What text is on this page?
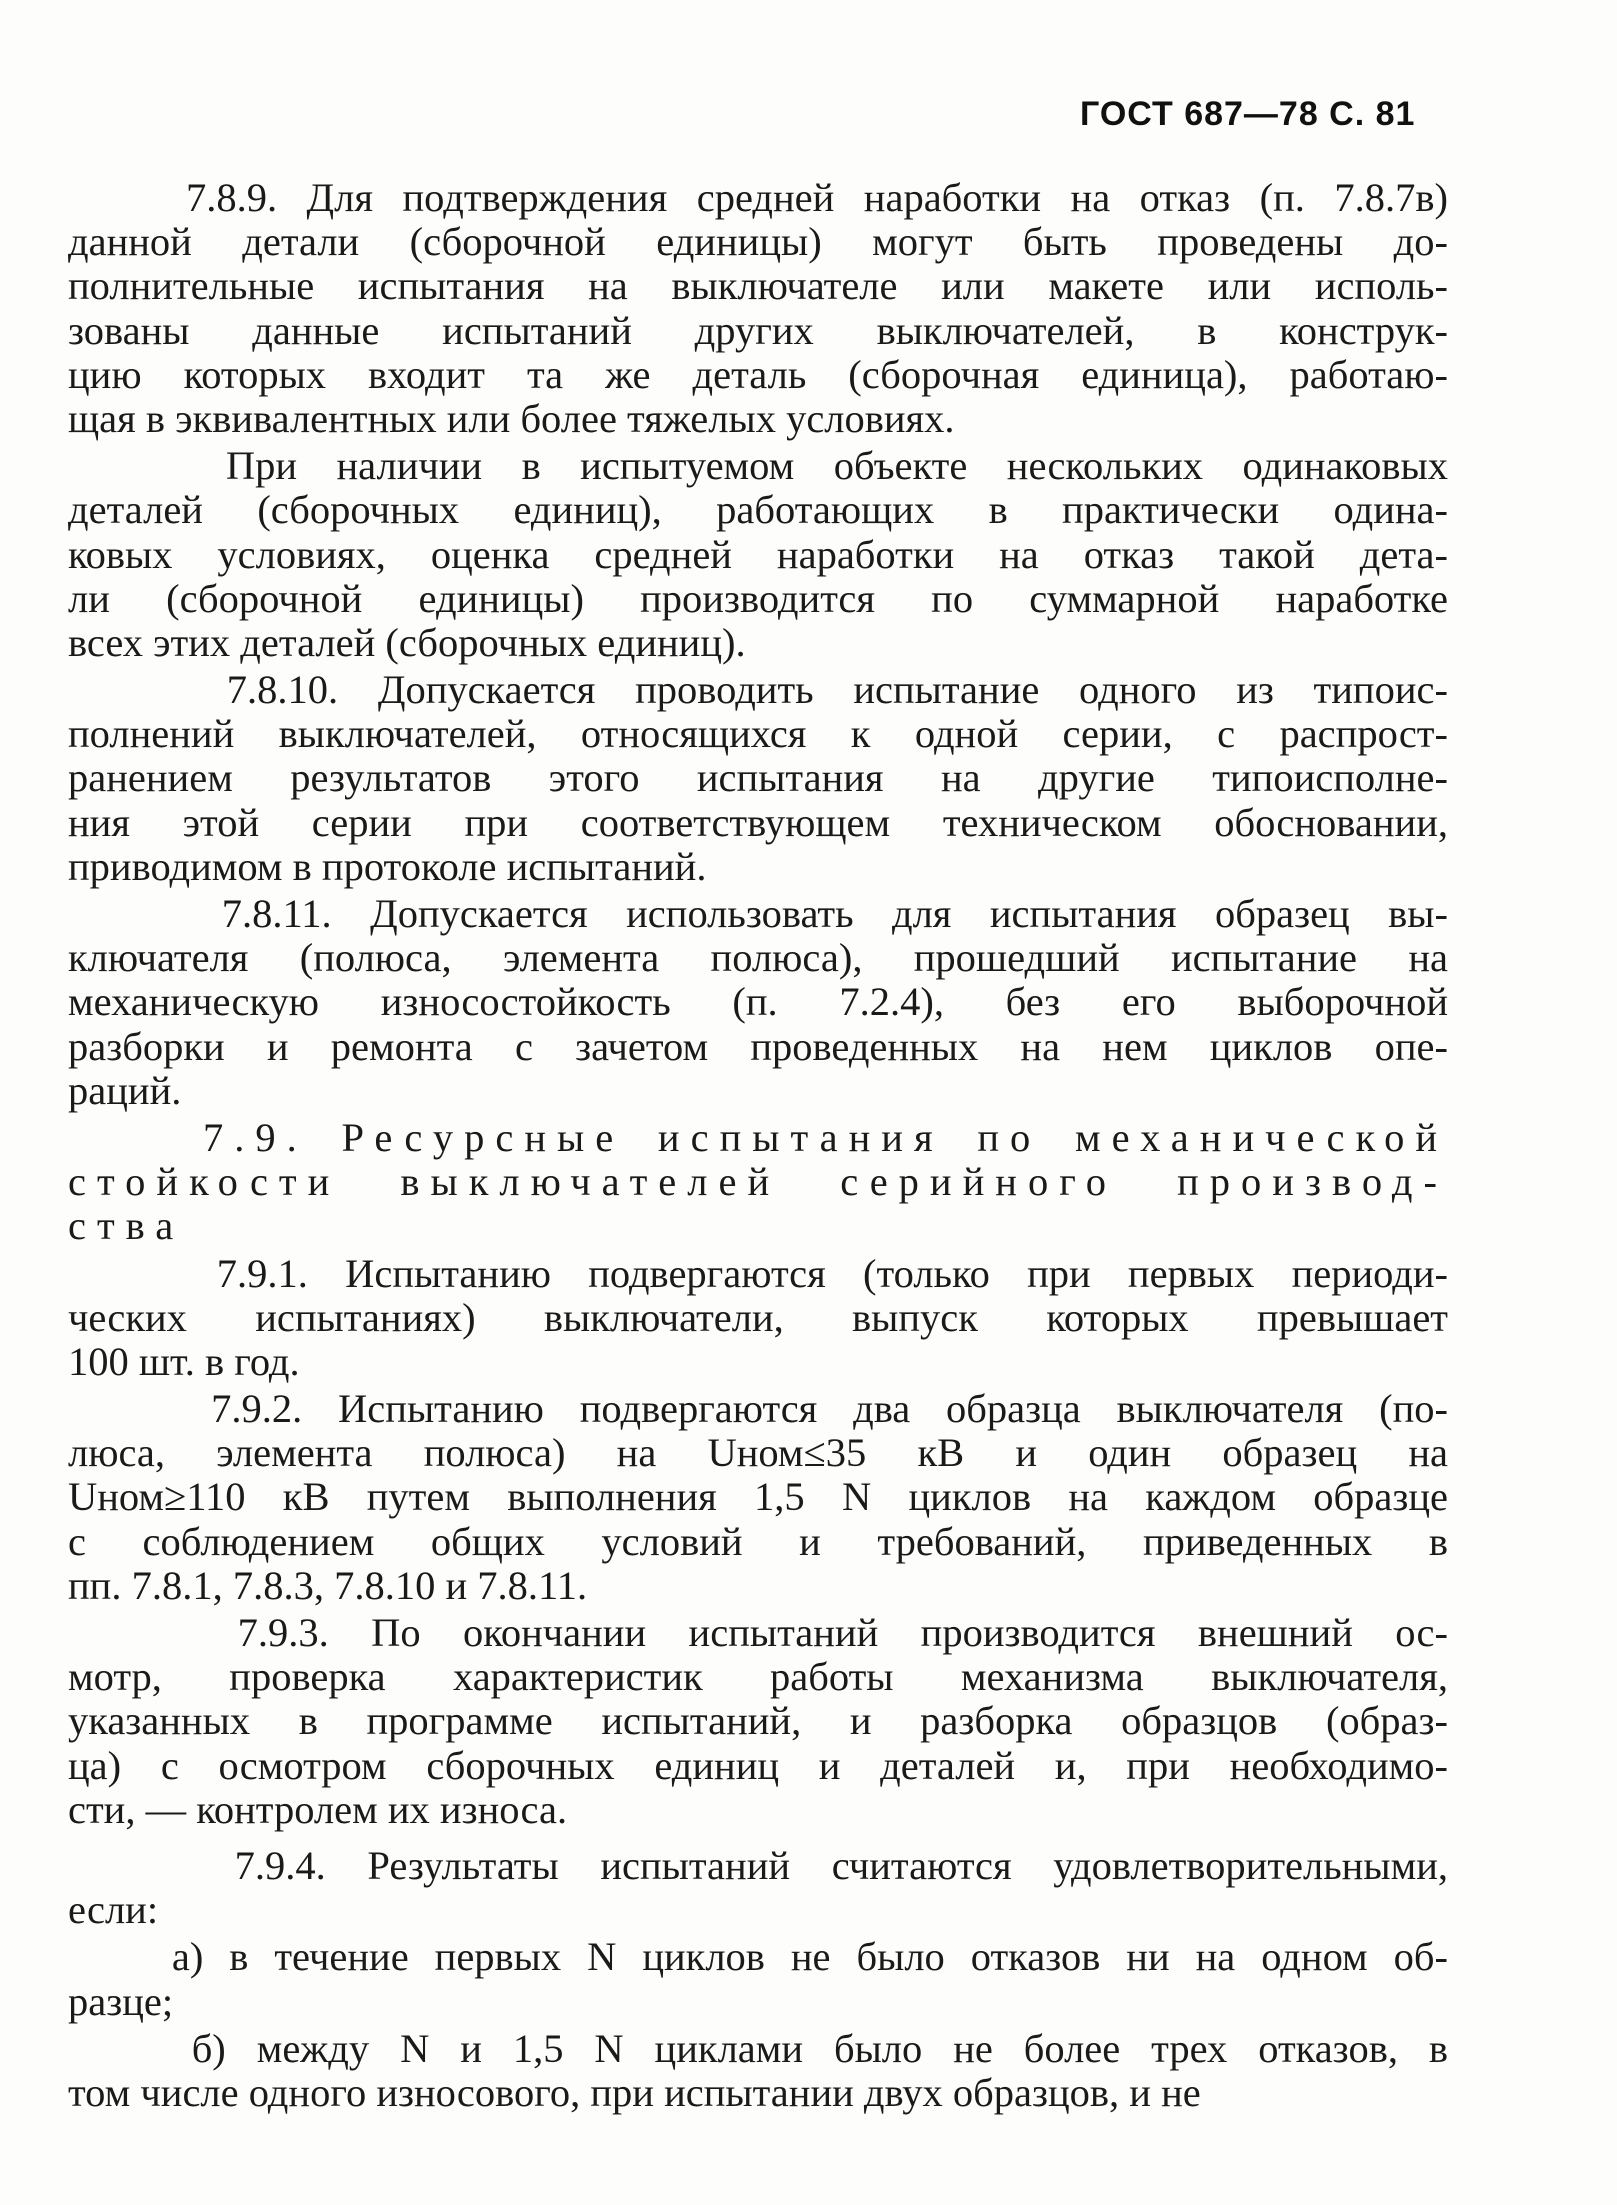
ГОСТ 687—78 С. 81
7.8.9. Для подтверждения средней наработки на отказ (п. 7.8.7в)
данной детали (сборочной единицы) могут быть проведены до-
полнительные испытания на выключателе или макете или исполь-
зованы данные испытаний других выключателей, в конструк-
цию которых входит та же деталь (сборочная единица), работаю-
щая в эквивалентных или более тяжелых условиях.
При наличии в испытуемом объекте нескольких одинаковых
деталей (сборочных единиц), работающих в практически одина-
ковых условиях, оценка средней наработки на отказ такой дета-
ли (сборочной единицы) производится по суммарной наработке
всех этих деталей (сборочных единиц).
7.8.10. Допускается проводить испытание одного из типоис-
полнений выключателей, относящихся к одной серии, с распрост-
ранением результатов этого испытания на другие типоисполне-
ния этой серии при соответствующем техническом обосновании,
приводимом в протоколе испытаний.
7.8.11. Допускается использовать для испытания образец вы-
ключателя (полюса, элемента полюса), прошедший испытание на
механическую износостойкость (п. 7.2.4), без его выборочной
разборки и ремонта с зачетом проведенных на нем циклов опе-
раций.
7.9. Ресурсные испытания по механической
стойкости выключателей серийного производ-
ства
7.9.1. Испытанию подвергаются (только при первых периоди-
ческих испытаниях) выключатели, выпуск которых превышает
100 шт. в год.
7.9.2. Испытанию подвергаются два образца выключателя (по-
люса, элемента полюса) на Uном≤35 кВ и один образец на
Uном≥110 кВ путем выполнения 1,5 N циклов на каждом образце
с соблюдением общих условий и требований, приведенных в
пп. 7.8.1, 7.8.3, 7.8.10 и 7.8.11.
7.9.3. По окончании испытаний производится внешний ос-
мотр, проверка характеристик работы механизма выключателя,
указанных в программе испытаний, и разборка образцов (образ-
ца) с осмотром сборочных единиц и деталей и, при необходимо-
сти, — контролем их износа.
7.9.4. Результаты испытаний считаются удовлетворительными,
если:
а) в течение первых N циклов не было отказов ни на одном об-
разце;
б) между N и 1,5 N циклами было не более трех отказов, в
том числе одного износового, при испытании двух образцов, и не
